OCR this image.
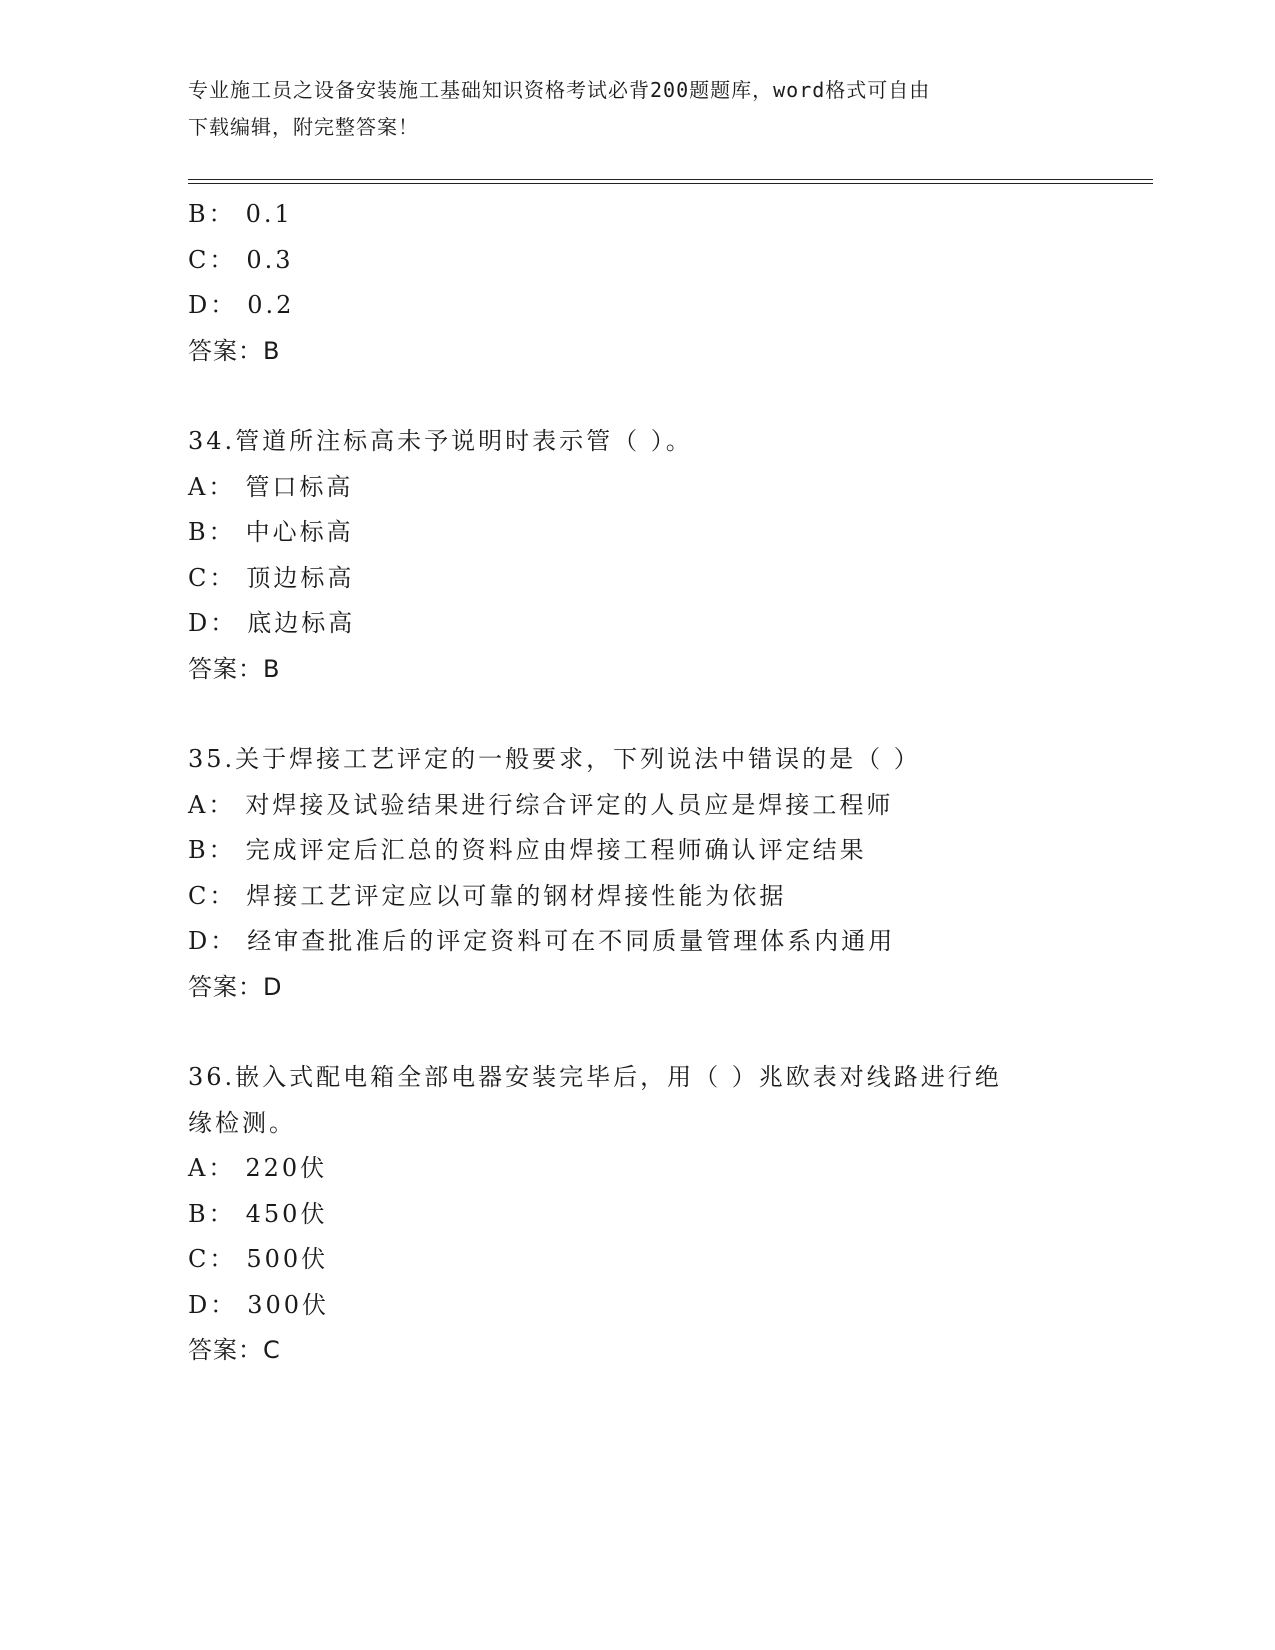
专业施工员之设备安装施工基础知识资格考试必背200题题库，word格式可自由
下载编辑，附完整答案！
B： 0.1
C： 0.3
D： 0.2
答案：B
34.管道所注标高未予说明时表示管（ ）。
A： 管口标高
B： 中心标高
C： 顶边标高
D： 底边标高
答案：B
35.关于焊接工艺评定的一般要求，下列说法中错误的是（ ）
A： 对焊接及试验结果进行综合评定的人员应是焊接工程师
B： 完成评定后汇总的资料应由焊接工程师确认评定结果
C： 焊接工艺评定应以可靠的钢材焊接性能为依据
D： 经审查批准后的评定资料可在不同质量管理体系内通用
答案：D
36.嵌入式配电箱全部电器安装完毕后，用（ ）兆欧表对线路进行绝
缘检测。
A： 220伏
B： 450伏
C： 500伏
D： 300伏
答案：C
